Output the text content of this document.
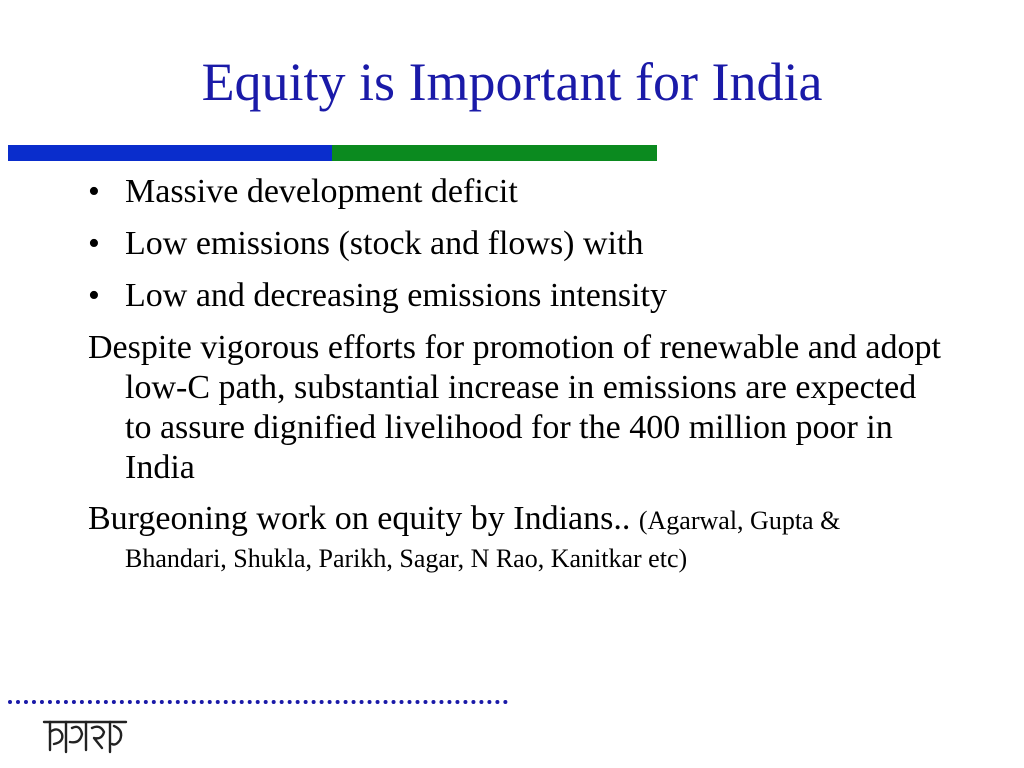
Equity is Important for India
• Massive development deficit
• Low emissions (stock and flows) with
• Low and decreasing emissions intensity
Despite vigorous efforts for promotion of renewable and adopt low-C path, substantial increase in emissions are expected to assure dignified livelihood for the 400 million poor in India
Burgeoning work on equity by Indians.. (Agarwal, Gupta & Bhandari, Shukla, Parikh, Sagar, N Rao, Kanitkar etc)
